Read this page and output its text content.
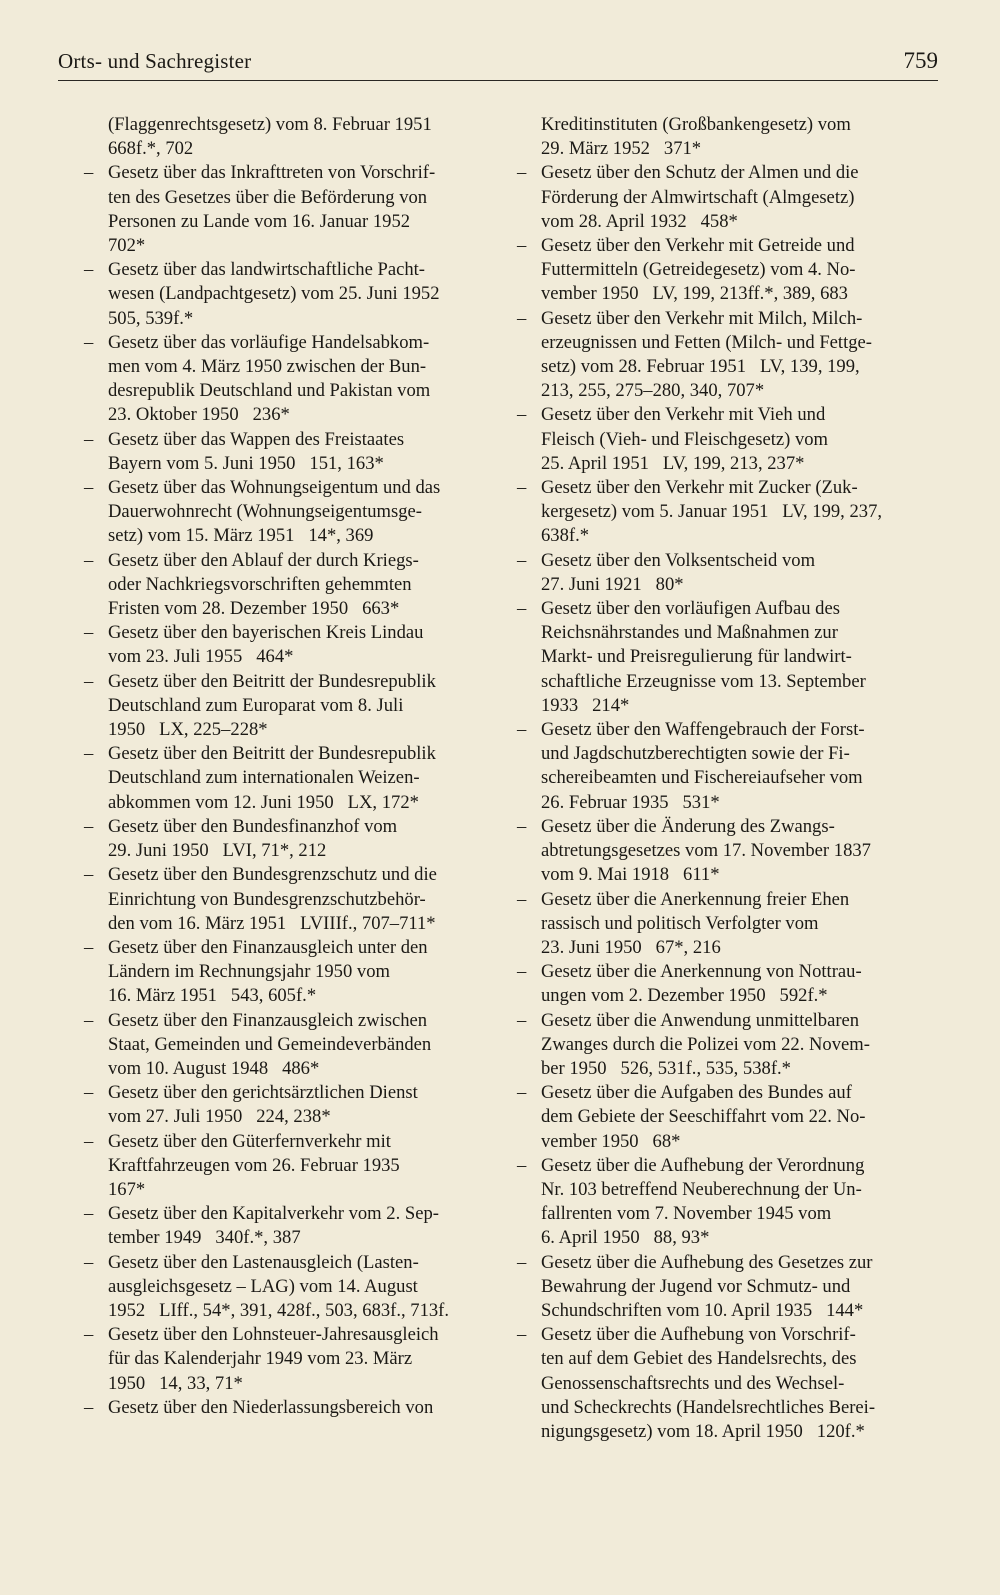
Orts- und Sachregister	759
(Flaggenrechtsgesetz) vom 8. Februar 1951
668f.*, 702
– Gesetz über das Inkrafttreten von Vorschrif-
ten des Gesetzes über die Beförderung von
Personen zu Lande vom 16. Januar 1952
702*
– Gesetz über das landwirtschaftliche Pacht-
wesen (Landpachtgesetz) vom 25. Juni 1952
505, 539f.*
– Gesetz über das vorläufige Handelsabkom-
men vom 4. März 1950 zwischen der Bun-
desrepublik Deutschland und Pakistan vom
23. Oktober 1950   236*
– Gesetz über das Wappen des Freistaates
Bayern vom 5. Juni 1950   151, 163*
– Gesetz über das Wohnungseigentum und das
Dauerwohnrecht (Wohnungseigentumsge-
setz) vom 15. März 1951   14*, 369
– Gesetz über den Ablauf der durch Kriegs-
oder Nachkriegsvorschriften gehemmten
Fristen vom 28. Dezember 1950   663*
– Gesetz über den bayerischen Kreis Lindau
vom 23. Juli 1955   464*
– Gesetz über den Beitritt der Bundesrepublik
Deutschland zum Europarat vom 8. Juli
1950   LX, 225–228*
– Gesetz über den Beitritt der Bundesrepublik
Deutschland zum internationalen Weizen-
abkommen vom 12. Juni 1950   LX, 172*
– Gesetz über den Bundesfinanzhof vom
29. Juni 1950   LVI, 71*, 212
– Gesetz über den Bundesgrenzschutz und die
Einrichtung von Bundesgrenzschutzbehör-
den vom 16. März 1951   LVIIIf., 707–711*
– Gesetz über den Finanzausgleich unter den
Ländern im Rechnungsjahr 1950 vom
16. März 1951   543, 605f.*
– Gesetz über den Finanzausgleich zwischen
Staat, Gemeinden und Gemeindeverbänden
vom 10. August 1948   486*
– Gesetz über den gerichtsärztlichen Dienst
vom 27. Juli 1950   224, 238*
– Gesetz über den Güterfernverkehr mit
Kraftfahrzeugen vom 26. Februar 1935
167*
– Gesetz über den Kapitalverkehr vom 2. Sep-
tember 1949   340f.*, 387
– Gesetz über den Lastenausgleich (Lasten-
ausgleichsgesetz – LAG) vom 14. August
1952   LIff., 54*, 391, 428f., 503, 683f., 713f.
– Gesetz über den Lohnsteuer-Jahresausgleich
für das Kalenderjahr 1949 vom 23. März
1950   14, 33, 71*
– Gesetz über den Niederlassungsbereich von
Kreditinstituten (Großbankengesetz) vom
29. März 1952   371*
– Gesetz über den Schutz der Almen und die
Förderung der Almwirtschaft (Almgesetz)
vom 28. April 1932   458*
– Gesetz über den Verkehr mit Getreide und
Futtermitteln (Getreidegesetz) vom 4. No-
vember 1950   LV, 199, 213ff.*, 389, 683
– Gesetz über den Verkehr mit Milch, Milch-
erzeugnissen und Fetten (Milch- und Fettge-
setz) vom 28. Februar 1951   LV, 139, 199,
213, 255, 275–280, 340, 707*
– Gesetz über den Verkehr mit Vieh und
Fleisch (Vieh- und Fleischgesetz) vom
25. April 1951   LV, 199, 213, 237*
– Gesetz über den Verkehr mit Zucker (Zuk-
kergesetz) vom 5. Januar 1951   LV, 199, 237,
638f.*
– Gesetz über den Volksentscheid vom
27. Juni 1921   80*
– Gesetz über den vorläufigen Aufbau des
Reichsnährstandes und Maßnahmen zur
Markt- und Preisregulierung für landwirt-
schaftliche Erzeugnisse vom 13. September
1933   214*
– Gesetz über den Waffengebrauch der Forst-
und Jagdschutzberechtigten sowie der Fi-
schereibeamten und Fischereiaufseher vom
26. Februar 1935   531*
– Gesetz über die Änderung des Zwangs-
abtretungsgesetzes vom 17. November 1837
vom 9. Mai 1918   611*
– Gesetz über die Anerkennung freier Ehen
rassisch und politisch Verfolgter vom
23. Juni 1950   67*, 216
– Gesetz über die Anerkennung von Nottrau-
ungen vom 2. Dezember 1950   592f.*
– Gesetz über die Anwendung unmittelbaren
Zwanges durch die Polizei vom 22. Novem-
ber 1950   526, 531f., 535, 538f.*
– Gesetz über die Aufgaben des Bundes auf
dem Gebiete der Seeschiffahrt vom 22. No-
vember 1950   68*
– Gesetz über die Aufhebung der Verordnung
Nr. 103 betreffend Neuberechnung der Un-
fallrenten vom 7. November 1945 vom
6. April 1950   88, 93*
– Gesetz über die Aufhebung des Gesetzes zur
Bewahrung der Jugend vor Schmutz- und
Schundschriften vom 10. April 1935   144*
– Gesetz über die Aufhebung von Vorschrif-
ten auf dem Gebiet des Handelsrechts, des
Genossenschaftsrechts und des Wechsel-
und Scheckrechts (Handelsrechtliches Berei-
nigungsgesetz) vom 18. April 1950   120f.*
